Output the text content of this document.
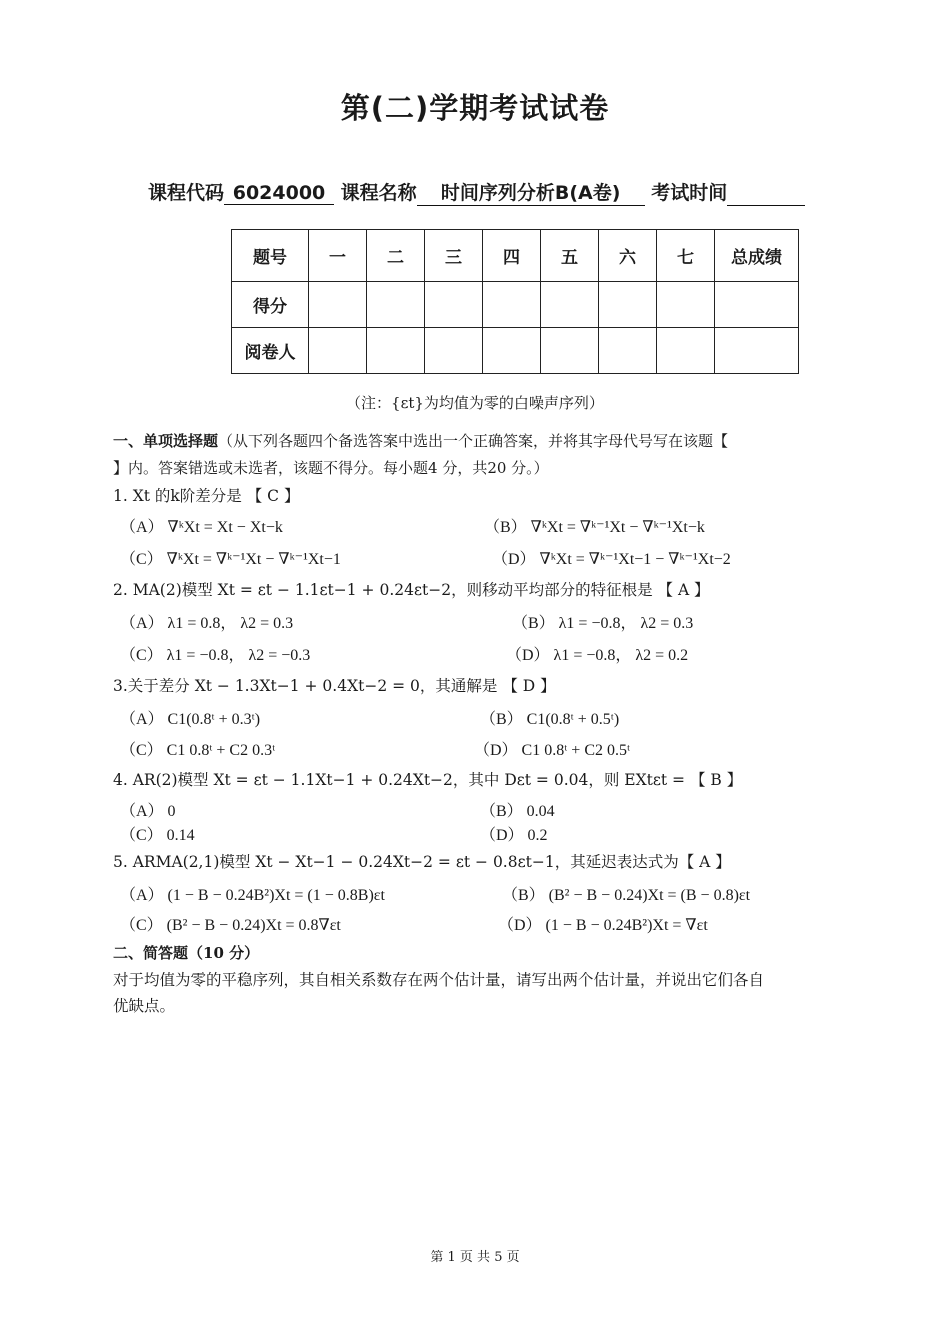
第(二)学期考试试卷
课程代码 6024000 课程名称 时间序列分析B(A卷) 考试时间
题号	一	二	三	四	五	六	七	总成绩
得分								
阅卷人								
（注：{εt}为均值为零的白噪声序列）
一、单项选择题（从下列各题四个备选答案中选出一个正确答案，并将其字母代号写在该题【
】内。答案错选或未选者，该题不得分。每小题4 分，共20 分。）
1. Xt 的k阶差分是 【 C 】
（A） ∇ᵏXt = Xt − Xt−k	（B） ∇ᵏXt = ∇ᵏ⁻¹Xt − ∇ᵏ⁻¹Xt−k
（C） ∇ᵏXt = ∇ᵏ⁻¹Xt − ∇ᵏ⁻¹Xt−1	（D） ∇ᵏXt = ∇ᵏ⁻¹Xt−1 − ∇ᵏ⁻¹Xt−2
2. MA(2)模型 Xt = εt − 1.1εt−1 + 0.24εt−2，则移动平均部分的特征根是 【 A 】
（A） λ1 = 0.8， λ2 = 0.3	（B） λ1 = −0.8， λ2 = 0.3
（C） λ1 = −0.8， λ2 = −0.3	（D） λ1 = −0.8， λ2 = 0.2
3.关于差分 Xt − 1.3Xt−1 + 0.4Xt−2 = 0，其通解是 【 D 】
（A） C1(0.8ᵗ + 0.3ᵗ)	（B） C1(0.8ᵗ + 0.5ᵗ)
（C） C1 0.8ᵗ + C2 0.3ᵗ	（D） C1 0.8ᵗ + C2 0.5ᵗ
4. AR(2)模型 Xt = εt − 1.1Xt−1 + 0.24Xt−2，其中 Dεt = 0.04，则 EXtεt = 【 B 】
（A） 0	（B） 0.04
（C） 0.14	（D） 0.2
5. ARMA(2,1)模型 Xt − Xt−1 − 0.24Xt−2 = εt − 0.8εt−1，其延迟表达式为【 A 】
（A） (1 − B − 0.24B²)Xt = (1 − 0.8B)εt	（B） (B² − B − 0.24)Xt = (B − 0.8)εt
（C） (B² − B − 0.24)Xt = 0.8∇εt	（D） (1 − B − 0.24B²)Xt = ∇εt
二、简答题（10 分）
对于均值为零的平稳序列，其自相关系数存在两个估计量，请写出两个估计量，并说出它们各自
优缺点。
第 1 页 共 5 页
